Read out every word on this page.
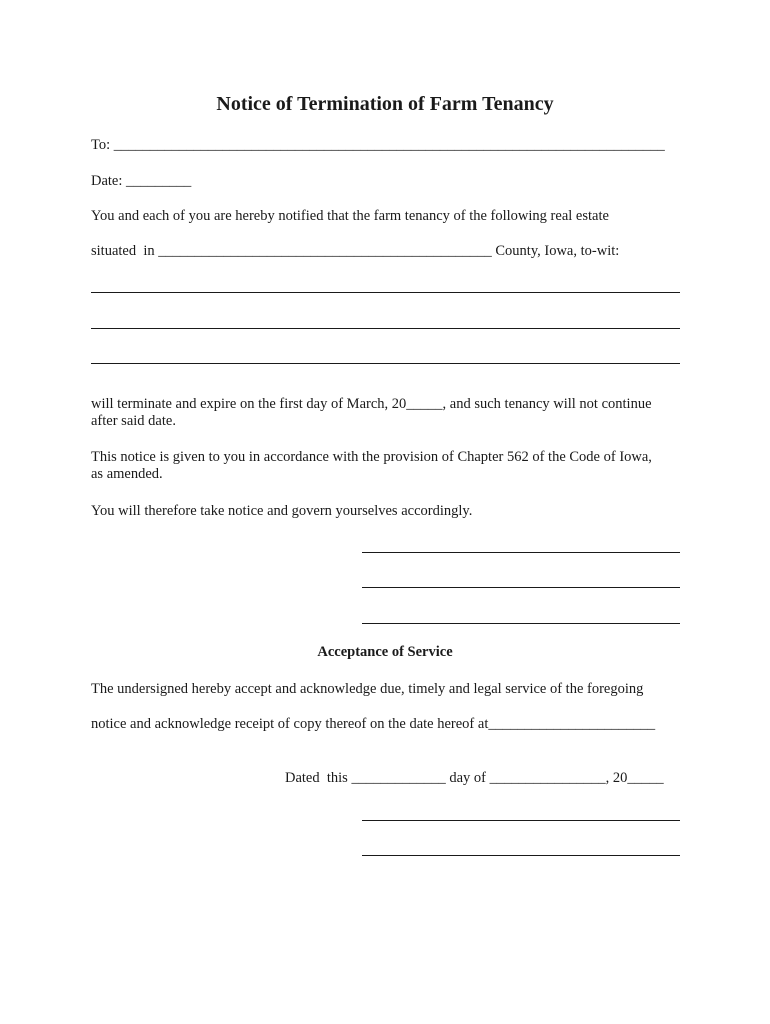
Notice of Termination of Farm Tenancy
To: ____________________________________________________________________________
Date: _________
You and each of you are hereby notified that the farm tenancy of the following real estate
situated  in ______________________________________________ County, Iowa, to-wit:
will terminate and expire on the first day of March, 20_____, and such tenancy will not continue
after said date.
This notice is given to you in accordance with the provision of Chapter 562 of the Code of Iowa,
as amended.
You will therefore take notice and govern yourselves accordingly.
Acceptance of Service
The undersigned hereby accept and acknowledge due, timely and legal service of the foregoing
notice and acknowledge receipt of copy thereof on the date hereof at_______________________
Dated  this _____________ day of ________________, 20_____
